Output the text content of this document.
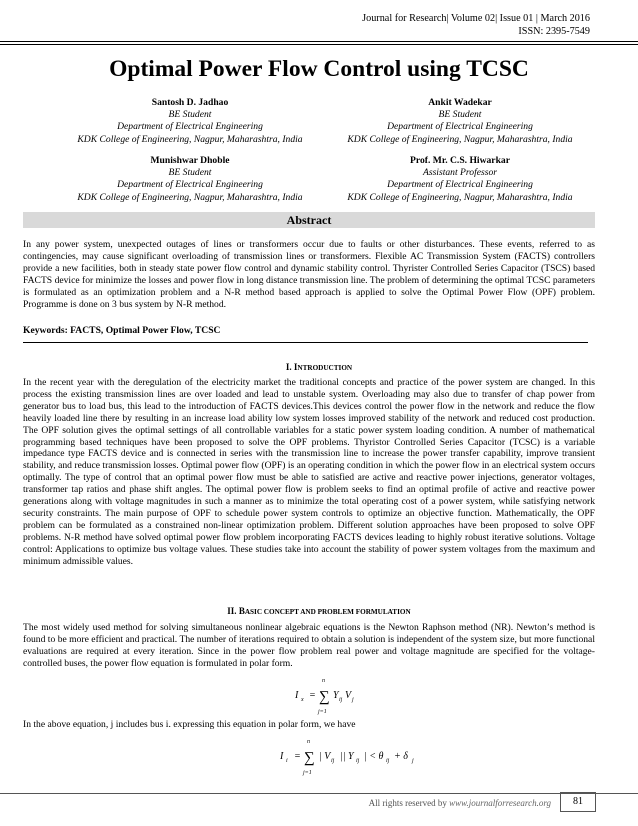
Journal for Research| Volume 02| Issue 01 | March 2016
ISSN: 2395-7549
Optimal Power Flow Control using TCSC
Santosh D. Jadhao
BE Student
Department of Electrical Engineering
KDK College of Engineering, Nagpur, Maharashtra, India
Ankit Wadekar
BE Student
Department of Electrical Engineering
KDK College of Engineering, Nagpur, Maharashtra, India
Munishwar Dhoble
BE Student
Department of Electrical Engineering
KDK College of Engineering, Nagpur, Maharashtra, India
Prof. Mr. C.S. Hiwarkar
Assistant Professor
Department of Electrical Engineering
KDK College of Engineering, Nagpur, Maharashtra, India
Abstract
In any power system, unexpected outages of lines or transformers occur due to faults or other disturbances. These events, referred to as contingencies, may cause significant overloading of transmission lines or transformers. Flexible AC Transmission System (FACTS) controllers provide a new facilities, both in steady state power flow control and dynamic stability control. Thyrister Controlled Series Capacitor (TSCS) based FACTS device for minimize the losses and power flow in long distance transmission line. The problem of determining the optimal TCSC parameters is formulated as an optimization problem and a N-R method based approach is applied to solve the Optimal Power Flow (OPF) problem. Programme is done on 3 bus system by N-R method.
Keywords: FACTS, Optimal Power Flow, TCSC
I. INTRODUCTION
In the recent year with the deregulation of the electricity market the traditional concepts and practice of the power system are changed. In this process the existing transmission lines are over loaded and lead to unstable system. Overloading may also due to transfer of chap power from generator bus to load bus, this lead to the introduction of FACTS devices.This devices control the power flow in the network and reduce the flow heavily loaded line there by resulting in an increase load ability low system losses improved stability of the network and reduced cost production. The OPF solution gives the optimal settings of all controllable variables for a static power system loading condition. A number of mathematical programming based techniques have been proposed to solve the OPF problems. Thyristor Controlled Series Capacitor (TCSC) is a variable impedance type FACTS device and is connected in series with the transmission line to increase the power transfer capability, improve transient stability, and reduce transmission losses. Optimal power flow (OPF) is an operating condition in which the power flow in an electrical system occurs optimally. The type of control that an optimal power flow must be able to satisfied are active and reactive power injections, generator voltages, transformer tap ratios and phase shift angles. The optimal power flow is problem seeks to find an optimal profile of active and reactive power generations along with voltage magnitudes in such a manner as to minimize the total operating cost of a power system, while satisfying network security constraints. The main purpose of OPF to schedule power system controls to optimize an objective function. Mathematically, the OPF problem can be formulated as a constrained non-linear optimization problem. Different solution approaches have been proposed to solve OPF problems. N-R method have solved optimal power flow problem incorporating FACTS devices leading to highly robust iterative solutions. Voltage control: Applications to optimize bus voltage values. These studies take into account the stability of power system voltages from the maximum and minimum admissible values.
II. BASIC CONCEPT AND PROBLEM FORMULATION
The most widely used method for solving simultaneous nonlinear algebraic equations is the Newton Raphson method (NR). Newton’s method is found to be more efficient and practical. The number of iterations required to obtain a solution is independent of the system size, but more functional evaluations are required at every iteration. Since in the power flow problem real power and voltage magnitude are specified for the voltage-controlled buses, the power flow equation is formulated in polar form.
I x =
n
∑
j=1
Y ij V j
In the above equation, j includes bus i. expressing this equation in polar form, we have
I i =
n
∑
j=1
| V ij || Y ij | < θ ij + δ j
All rights reserved by www.journalforresearch.org	81
